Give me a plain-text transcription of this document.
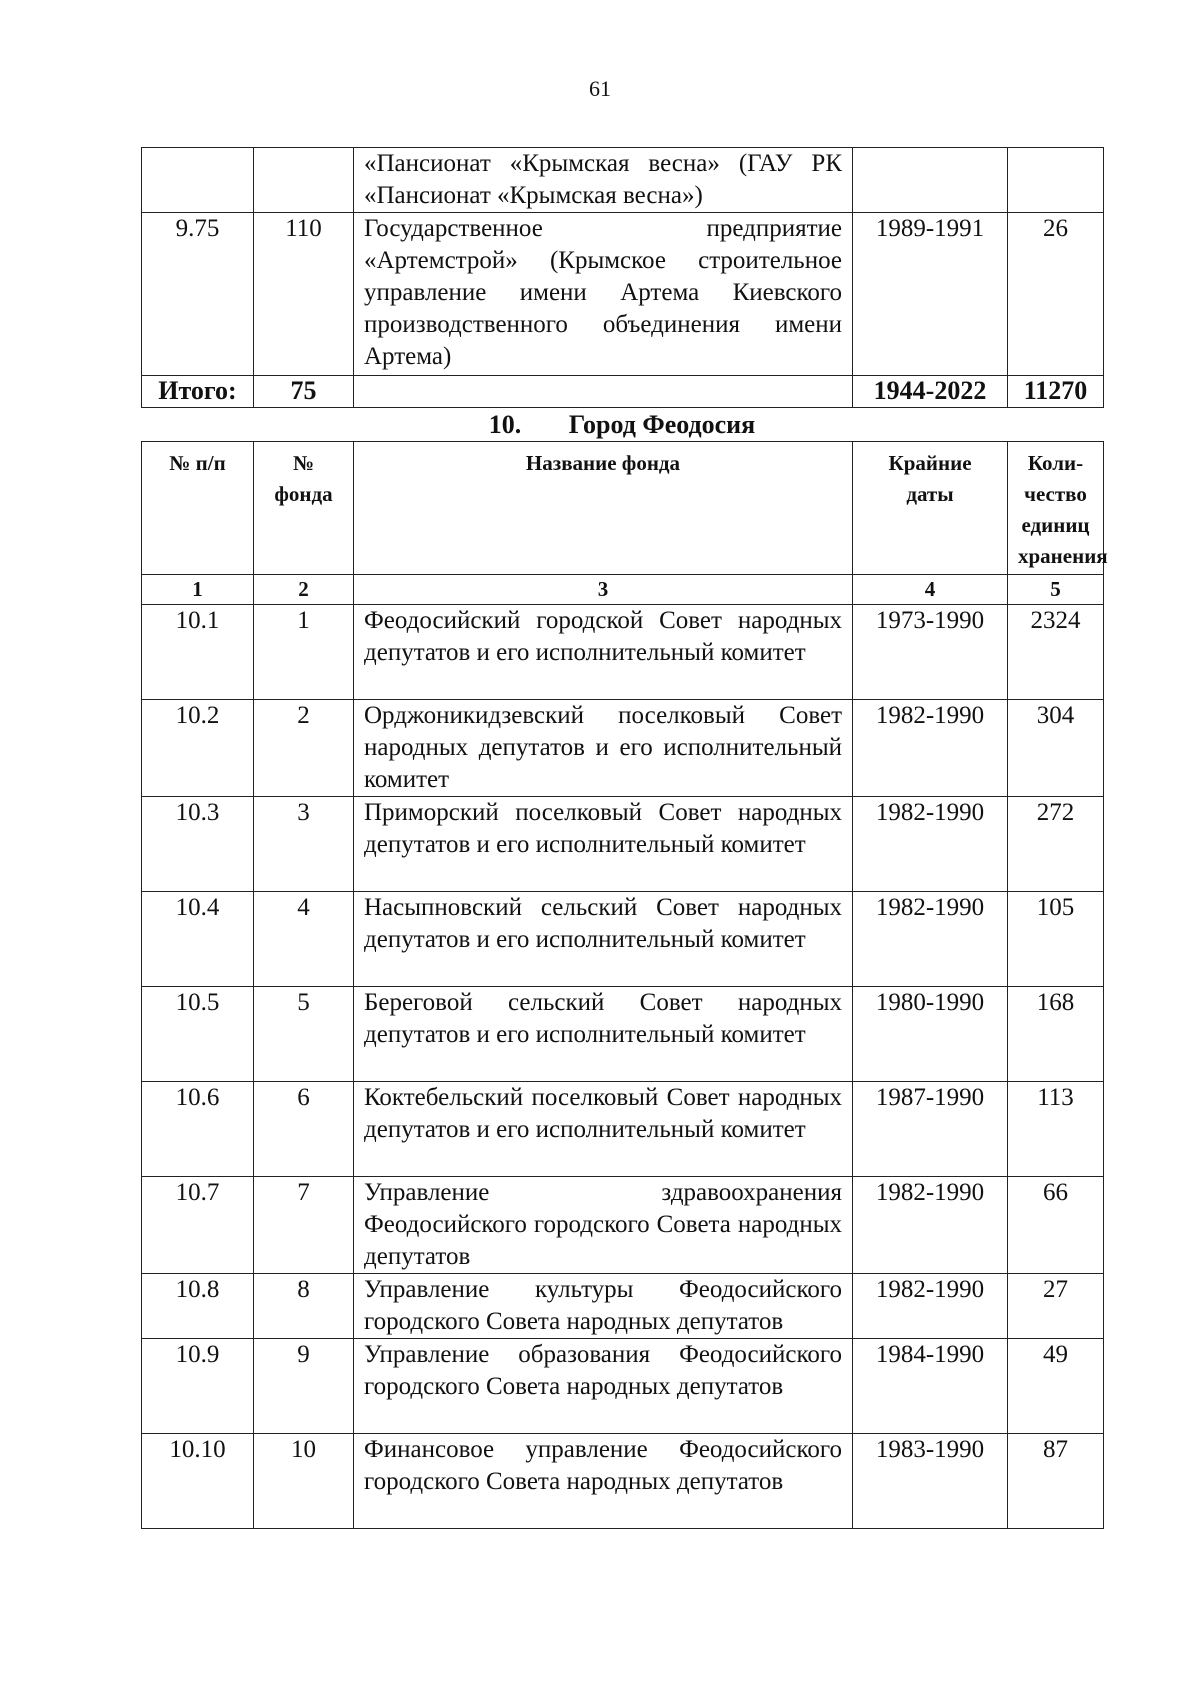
61
		«Пансионат «Крымская весна» (ГАУ РК «Пансионат «Крымская весна»)		
9.75	110	Государственное предприятие «Артемстрой» (Крымское строительное управление имени Артема Киевского производственного объединения имени Артема)	1989-1991	26
Итого:	75		1944-2022	11270
10. Город Феодосия
№ п/п	№ фонда	Название фонда	Крайние даты	Коли-чество единиц хранения
1	2	3	4	5
10.1	1	Феодосийский городской Совет народных депутатов и его исполнительный комитет	1973-1990	2324
10.2	2	Орджоникидзевский поселковый Совет народных депутатов и его исполнительный комитет	1982-1990	304
10.3	3	Приморский поселковый Совет народных депутатов и его исполнительный комитет	1982-1990	272
10.4	4	Насыпновский сельский Совет народных депутатов и его исполнительный комитет	1982-1990	105
10.5	5	Береговой сельский Совет народных депутатов и его исполнительный комитет	1980-1990	168
10.6	6	Коктебельский поселковый Совет народных депутатов и его исполнительный комитет	1987-1990	113
10.7	7	Управление здравоохранения Феодосийского городского Совета народных депутатов	1982-1990	66
10.8	8	Управление культуры Феодосийского городского Совета народных депутатов	1982-1990	27
10.9	9	Управление образования Феодосийского городского Совета народных депутатов	1984-1990	49
10.10	10	Финансовое управление Феодосийского городского Совета народных депутатов	1983-1990	87
